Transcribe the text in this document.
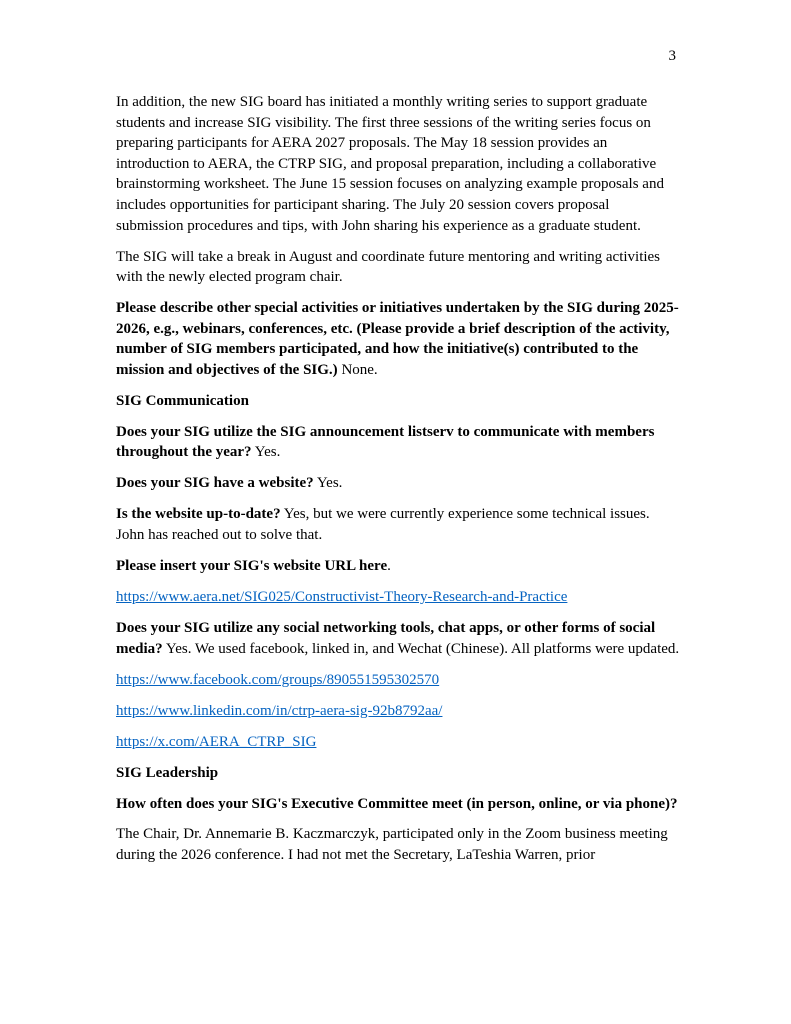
3

In addition, the new SIG board has initiated a monthly writing series to support graduate students and increase SIG visibility. The first three sessions of the writing series focus on preparing participants for AERA 2027 proposals. The May 18 session provides an introduction to AERA, the CTRP SIG, and proposal preparation, including a collaborative brainstorming worksheet. The June 15 session focuses on analyzing example proposals and includes opportunities for participant sharing. The July 20 session covers proposal submission procedures and tips, with John sharing his experience as a graduate student.

The SIG will take a break in August and coordinate future mentoring and writing activities with the newly elected program chair.

Please describe other special activities or initiatives undertaken by the SIG during 2025-2026, e.g., webinars, conferences, etc. (Please provide a brief description of the activity, number of SIG members participated, and how the initiative(s) contributed to the mission and objectives of the SIG.) None.

SIG Communication

Does your SIG utilize the SIG announcement listserv to communicate with members throughout the year? Yes.

Does your SIG have a website? Yes.

Is the website up-to-date? Yes, but we were currently experience some technical issues. John has reached out to solve that.

Please insert your SIG's website URL here.

https://www.aera.net/SIG025/Constructivist-Theory-Research-and-Practice

Does your SIG utilize any social networking tools, chat apps, or other forms of social media? Yes. We used facebook, linked in, and Wechat (Chinese). All platforms were updated.

https://www.facebook.com/groups/890551595302570

https://www.linkedin.com/in/ctrp-aera-sig-92b8792aa/

https://x.com/AERA_CTRP_SIG

SIG Leadership

How often does your SIG's Executive Committee meet (in person, online, or via phone)?

The Chair, Dr. Annemarie B. Kaczmarczyk, participated only in the Zoom business meeting during the 2026 conference. I had not met the Secretary, LaTeshia Warren, prior
